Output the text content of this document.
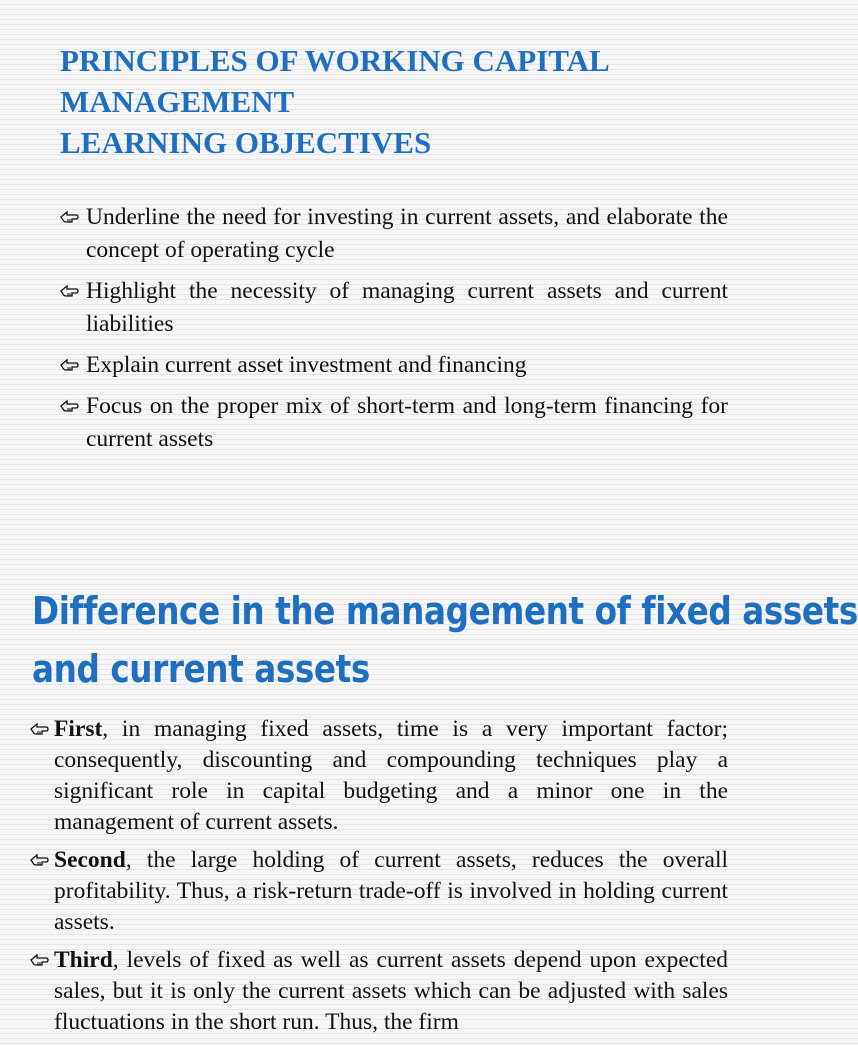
PRINCIPLES OF WORKING CAPITAL
MANAGEMENT
LEARNING OBJECTIVES
Underline the need for investing in current assets, and elaborate the concept of operating cycle
Highlight the necessity of managing current assets and current liabilities
Explain current asset investment and financing
Focus on the proper mix of short-term and long-term financing for current assets
Difference in the management of fixed assets
and current assets
First, in managing fixed assets, time is a very important factor; consequently, discounting and compounding techniques play a significant role in capital budgeting and a minor one in the management of current assets.
Second, the large holding of current assets, reduces the overall profitability. Thus, a risk-return trade-off is involved in holding current assets.
Third, levels of fixed as well as current assets depend upon expected sales, but it is only the current assets which can be adjusted with sales fluctuations in the short run. Thus, the firm
